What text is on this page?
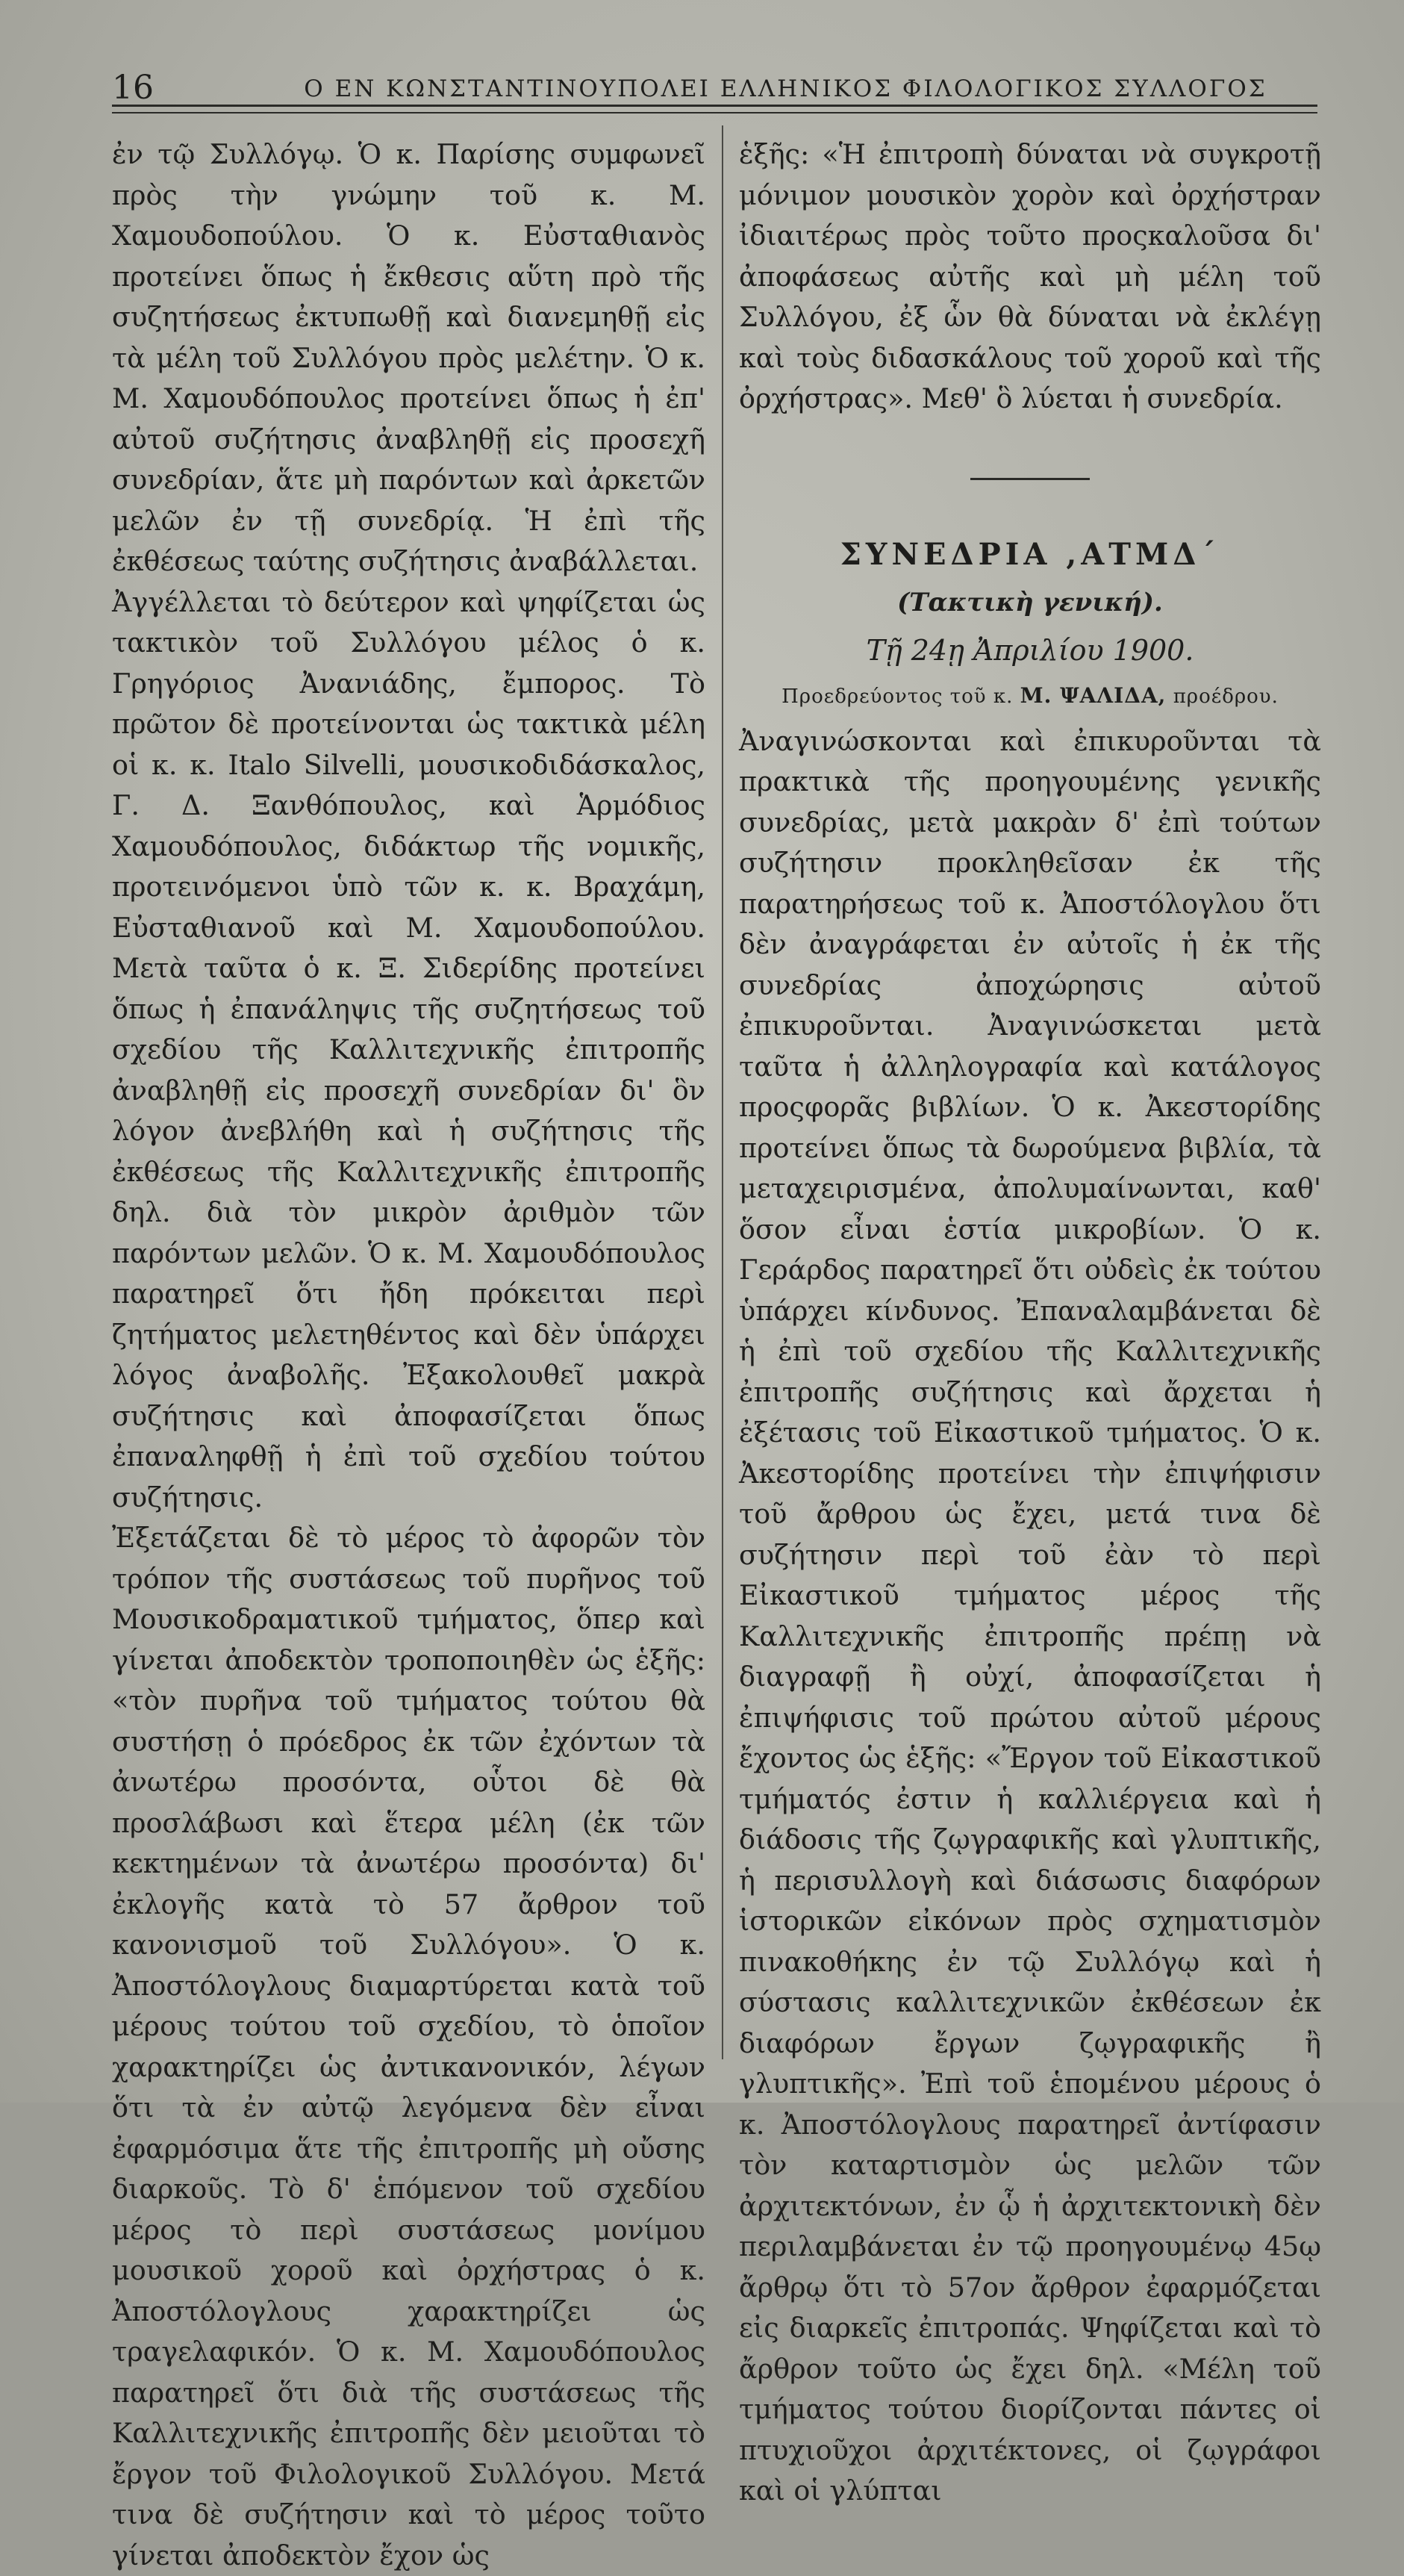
16	Ο ΕΝ ΚΩΝΣΤΑΝΤΙΝΟΥΠΟΛΕΙ ΕΛΛΗΝΙΚΟΣ ΦΙΛΟΛΟΓΙΚΟΣ ΣΥΛΛΟΓΟΣ

ἐν τῷ Συλλόγῳ. Ὁ κ. Παρίσης συμφωνεῖ πρὸς τὴν γνώμην τοῦ κ. Μ. Χαμουδοπούλου. Ὁ κ. Εὐσταθιανὸς προτείνει ὅπως ἡ ἔκθεσις αὕτη πρὸ τῆς συζητήσεως ἐκτυπωθῇ καὶ διανεμηθῇ εἰς τὰ μέλη τοῦ Συλλόγου πρὸς μελέτην. Ὁ κ. Μ. Χαμουδόπουλος προτείνει ὅπως ἡ ἐπ' αὐτοῦ συζήτησις ἀναβληθῇ εἰς προσεχῆ συνεδρίαν, ἅτε μὴ παρόντων καὶ ἀρκετῶν μελῶν ἐν τῇ συνεδρίᾳ. Ἡ ἐπὶ τῆς ἐκθέσεως ταύτης συζήτησις ἀναβάλλεται.

Ἀγγέλλεται τὸ δεύτερον καὶ ψηφίζεται ὡς τακτικὸν τοῦ Συλλόγου μέλος ὁ κ. Γρηγόριος Ἀνανιάδης, ἔμπορος. Τὸ πρῶτον δὲ προτείνονται ὡς τακτικὰ μέλη οἱ κ. κ. Italo Silvelli, μουσικοδιδάσκαλος, Γ. Δ. Ξανθόπουλος, καὶ Ἁρμόδιος Χαμουδόπουλος, διδάκτωρ τῆς νομικῆς, προτεινόμενοι ὑπὸ τῶν κ. κ. Βραχάμη, Εὐσταθιανοῦ καὶ Μ. Χαμουδοπούλου. Μετὰ ταῦτα ὁ κ. Ξ. Σιδερίδης προτείνει ὅπως ἡ ἐπανάληψις τῆς συζητήσεως τοῦ σχεδίου τῆς Καλλιτεχνικῆς ἐπιτροπῆς ἀναβληθῇ εἰς προσεχῆ συνεδρίαν δι' ὃν λόγον ἀνεβλήθη καὶ ἡ συζήτησις τῆς ἐκθέσεως τῆς Καλλιτεχνικῆς ἐπιτροπῆς δηλ. διὰ τὸν μικρὸν ἀριθμὸν τῶν παρόντων μελῶν. Ὁ κ. Μ. Χαμουδόπουλος παρατηρεῖ ὅτι ἤδη πρόκειται περὶ ζητήματος μελετηθέντος καὶ δὲν ὑπάρχει λόγος ἀναβολῆς. Ἐξακολουθεῖ μακρὰ συζήτησις καὶ ἀποφασίζεται ὅπως ἐπαναληφθῇ ἡ ἐπὶ τοῦ σχεδίου τούτου συζήτησις.

Ἐξετάζεται δὲ τὸ μέρος τὸ ἀφορῶν τὸν τρόπον τῆς συστάσεως τοῦ πυρῆνος τοῦ Μουσικοδραματικοῦ τμήματος, ὅπερ καὶ γίνεται ἀποδεκτὸν τροποποιηθὲν ὡς ἑξῆς: «τὸν πυρῆνα τοῦ τμήματος τούτου θὰ συστήσῃ ὁ πρόεδρος ἐκ τῶν ἐχόντων τὰ ἀνωτέρω προσόντα, οὗτοι δὲ θὰ προσλάβωσι καὶ ἕτερα μέλη (ἐκ τῶν κεκτημένων τὰ ἀνωτέρω προσόντα) δι' ἐκλογῆς κατὰ τὸ 57 ἄρθρον τοῦ κανονισμοῦ τοῦ Συλλόγου». Ὁ κ. Ἀποστόλογλους διαμαρτύρεται κατὰ τοῦ μέρους τούτου τοῦ σχεδίου, τὸ ὁποῖον χαρακτηρίζει ὡς ἀντικανονικόν, λέγων ὅτι τὰ ἐν αὐτῷ λεγόμενα δὲν εἶναι ἐφαρμόσιμα ἅτε τῆς ἐπιτροπῆς μὴ οὔσης διαρκοῦς. Τὸ δ' ἑπόμενον τοῦ σχεδίου μέρος τὸ περὶ συστάσεως μονίμου μουσικοῦ χοροῦ καὶ ὀρχήστρας ὁ κ. Ἀποστόλογλους χαρακτηρίζει ὡς τραγελαφικόν. Ὁ κ. Μ. Χαμουδόπουλος παρατηρεῖ ὅτι διὰ τῆς συστάσεως τῆς Καλλιτεχνικῆς ἐπιτροπῆς δὲν μειοῦται τὸ ἔργον τοῦ Φιλολογικοῦ Συλλόγου. Μετά τινα δὲ συζήτησιν καὶ τὸ μέρος τοῦτο γίνεται ἀποδεκτὸν ἔχον ὡς

ἑξῆς: «Ἡ ἐπιτροπὴ δύναται νὰ συγκροτῇ μόνιμον μουσικὸν χορὸν καὶ ὀρχήστραν ἰδιαιτέρως πρὸς τοῦτο προςκαλοῦσα δι' ἀποφάσεως αὐτῆς καὶ μὴ μέλη τοῦ Συλλόγου, ἐξ ὧν θὰ δύναται νὰ ἐκλέγῃ καὶ τοὺς διδασκάλους τοῦ χοροῦ καὶ τῆς ὀρχήστρας». Μεθ' ὃ λύεται ἡ συνεδρία.

ΣΥΝΕΔΡΙΑ ,ΑΤΜΔ΄
(Τακτικὴ γενική).
Τῇ 24ῃ Ἀπριλίου 1900.
Προεδρεύοντος τοῦ κ. Μ. ΨΑΛΙΔΑ, προέδρου.

Ἀναγινώσκονται καὶ ἐπικυροῦνται τὰ πρακτικὰ τῆς προηγουμένης γενικῆς συνεδρίας, μετὰ μακρὰν δ' ἐπὶ τούτων συζήτησιν προκληθεῖσαν ἐκ τῆς παρατηρήσεως τοῦ κ. Ἀποστόλογλου ὅτι δὲν ἀναγράφεται ἐν αὐτοῖς ἡ ἐκ τῆς συνεδρίας ἀποχώρησις αὐτοῦ ἐπικυροῦνται. Ἀναγινώσκεται μετὰ ταῦτα ἡ ἀλληλογραφία καὶ κατάλογος προςφορᾶς βιβλίων. Ὁ κ. Ἀκεστορίδης προτείνει ὅπως τὰ δωρούμενα βιβλία, τὰ μεταχειρισμένα, ἀπολυμαίνωνται, καθ' ὅσον εἶναι ἑστία μικροβίων. Ὁ κ. Γεράρδος παρατηρεῖ ὅτι οὐδεὶς ἐκ τούτου ὑπάρχει κίνδυνος. Ἐπαναλαμβάνεται δὲ ἡ ἐπὶ τοῦ σχεδίου τῆς Καλλιτεχνικῆς ἐπιτροπῆς συζήτησις καὶ ἄρχεται ἡ ἐξέτασις τοῦ Εἰκαστικοῦ τμήματος. Ὁ κ. Ἀκεστορίδης προτείνει τὴν ἐπιψήφισιν τοῦ ἄρθρου ὡς ἔχει, μετά τινα δὲ συζήτησιν περὶ τοῦ ἐὰν τὸ περὶ Εἰκαστικοῦ τμήματος μέρος τῆς Καλλιτεχνικῆς ἐπιτροπῆς πρέπῃ νὰ διαγραφῇ ἢ οὐχί, ἀποφασίζεται ἡ ἐπιψήφισις τοῦ πρώτου αὐτοῦ μέρους ἔχοντος ὡς ἑξῆς: «Ἔργον τοῦ Εἰκαστικοῦ τμήματός ἐστιν ἡ καλλιέργεια καὶ ἡ διάδοσις τῆς ζῳγραφικῆς καὶ γλυπτικῆς, ἡ περισυλλογὴ καὶ διάσωσις διαφόρων ἱστορικῶν εἰκόνων πρὸς σχηματισμὸν πινακοθήκης ἐν τῷ Συλλόγῳ καὶ ἡ σύστασις καλλιτεχνικῶν ἐκθέσεων ἐκ διαφόρων ἔργων ζῳγραφικῆς ἢ γλυπτικῆς». Ἐπὶ τοῦ ἑπομένου μέρους ὁ κ. Ἀποστόλογλους παρατηρεῖ ἀντίφασιν τὸν καταρτισμὸν ὡς μελῶν τῶν ἀρχιτεκτόνων, ἐν ᾧ ἡ ἀρχιτεκτονικὴ δὲν περιλαμβάνεται ἐν τῷ προηγουμένῳ 45ῳ ἄρθρῳ ὅτι τὸ 57ον ἄρθρον ἐφαρμόζεται εἰς διαρκεῖς ἐπιτροπάς. Ψηφίζεται καὶ τὸ ἄρθρον τοῦτο ὡς ἔχει δηλ. «Μέλη τοῦ τμήματος τούτου διορίζονται πάντες οἱ πτυχιοῦχοι ἀρχιτέκτονες, οἱ ζῳγράφοι καὶ οἱ γλύπται
